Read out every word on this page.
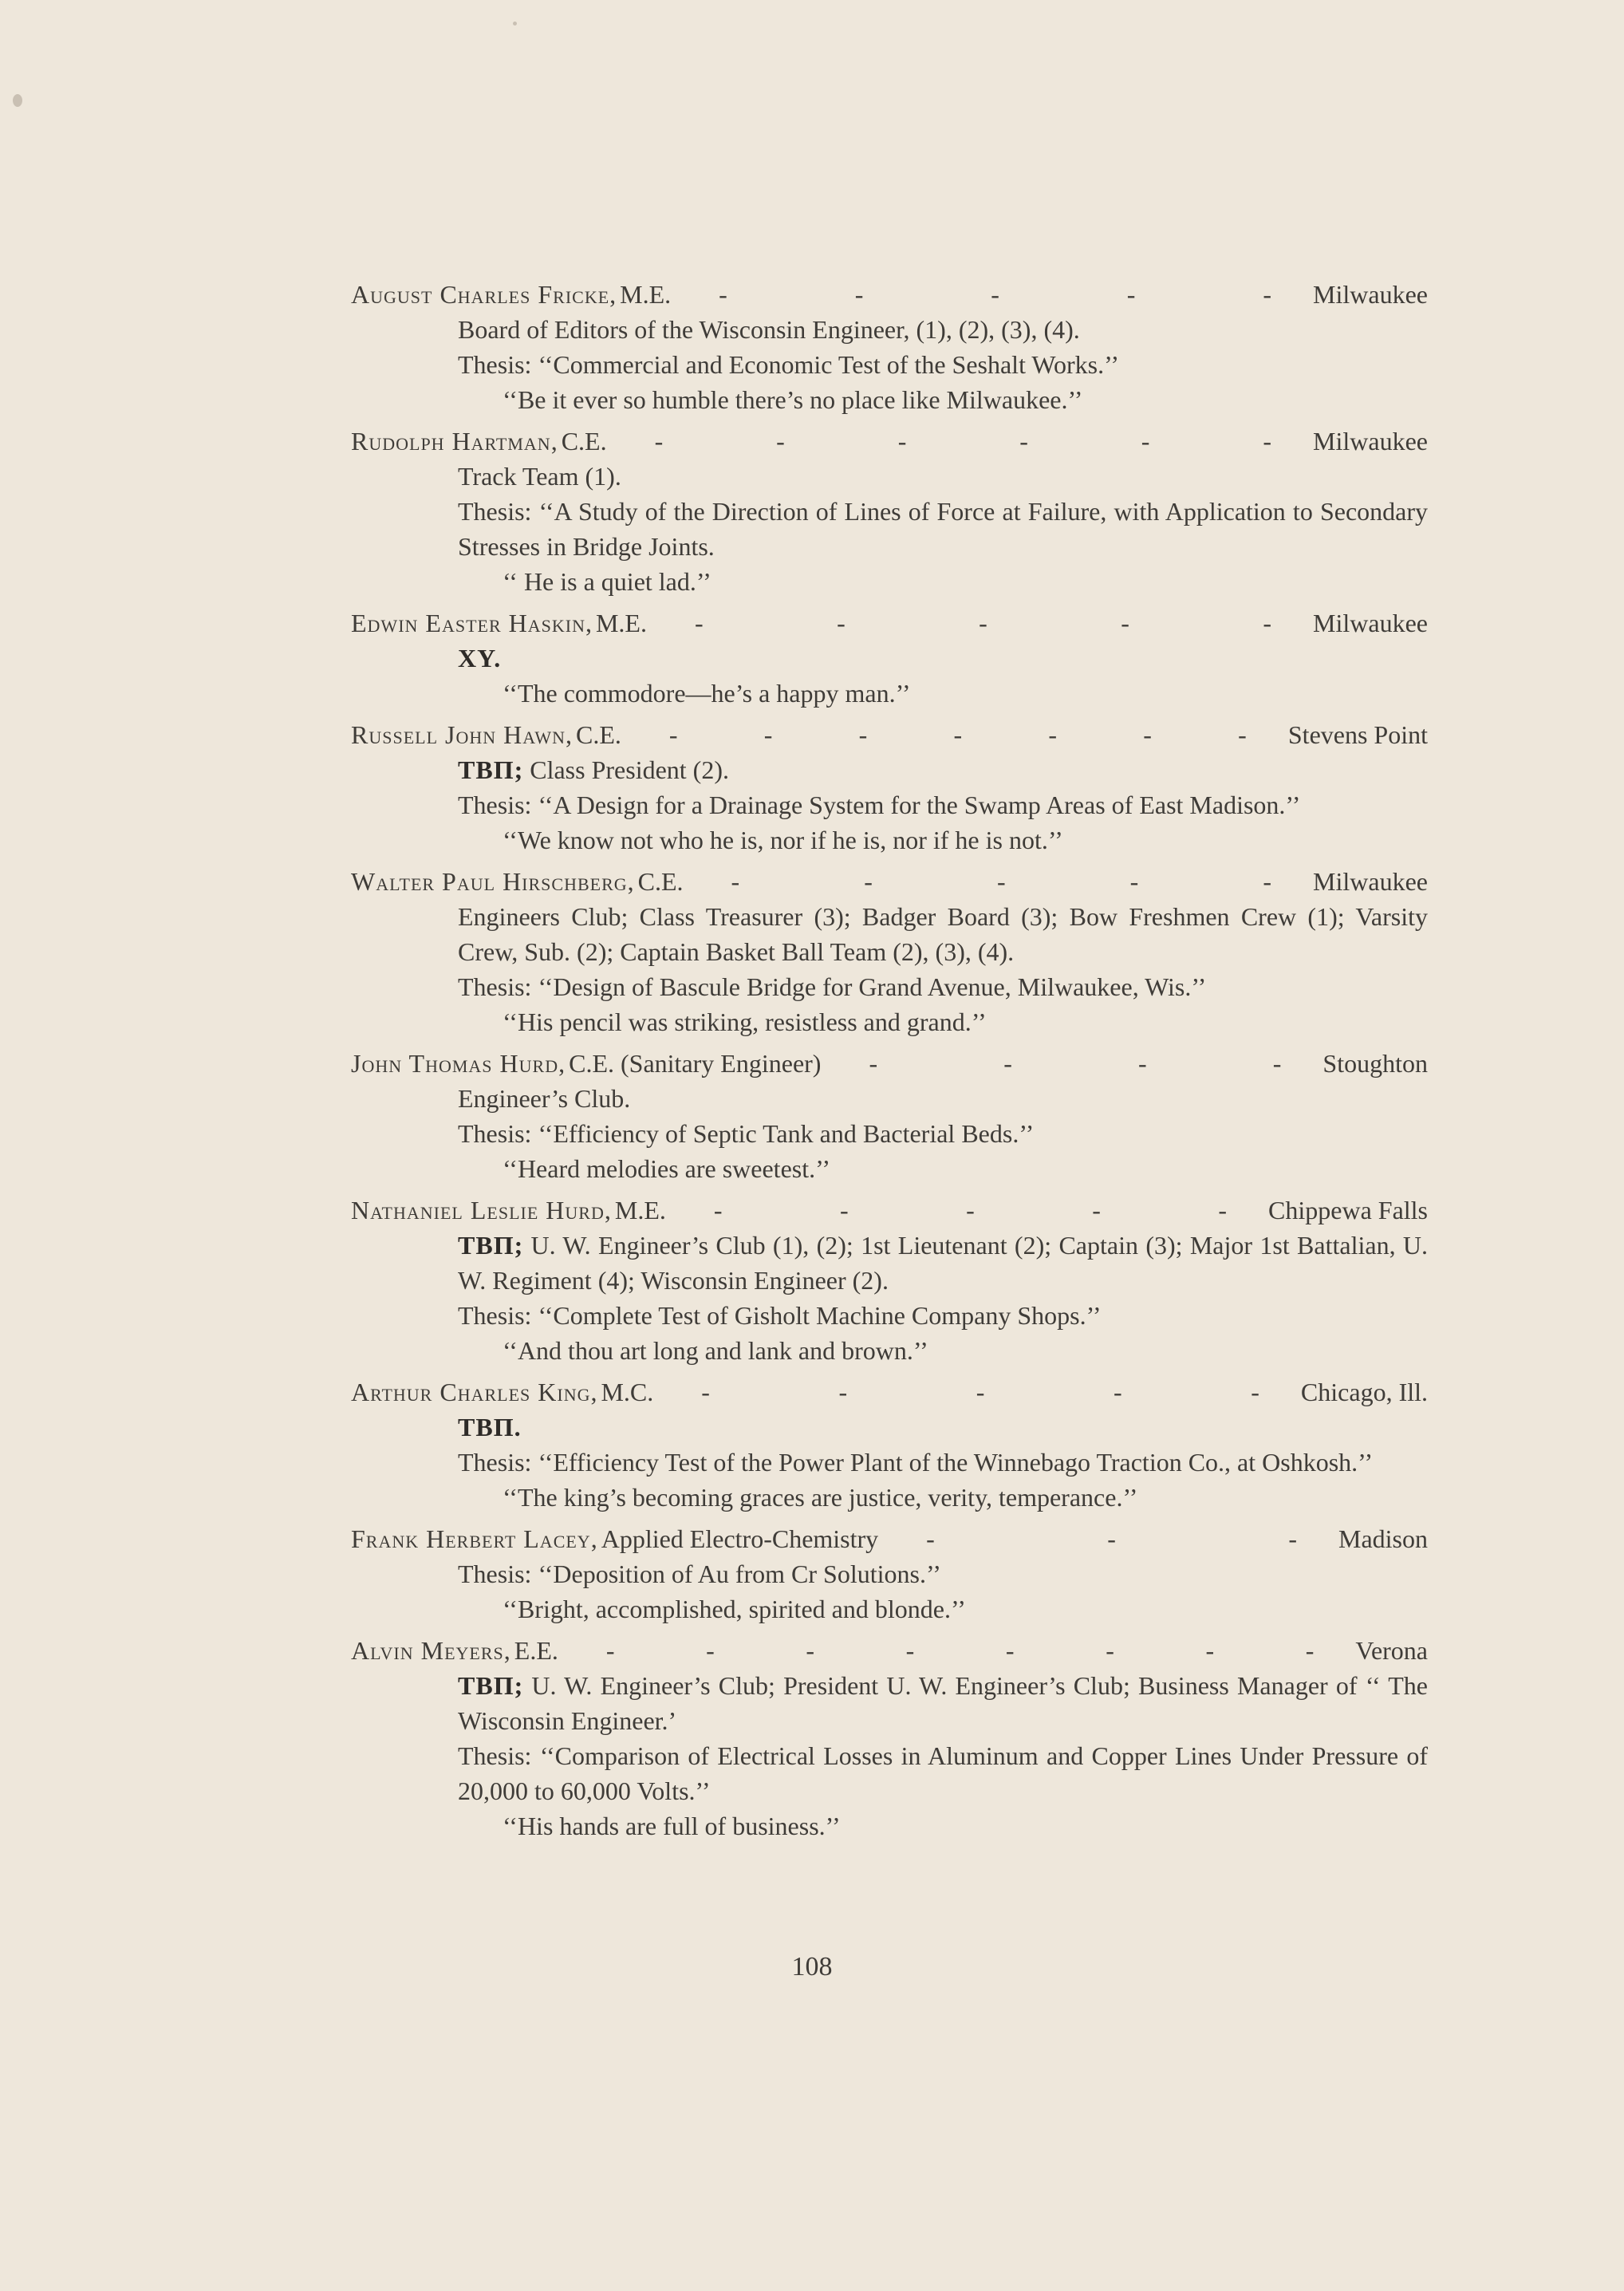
August Charles Fricke, M.E. -	-	-	-	- Milwaukee
Board of Editors of the Wisconsin Engineer, (1), (2), (3), (4).
Thesis: ‘‘Commercial and Economic Test of the Seshalt Works.’’
‘‘Be it ever so humble there’s no place like Milwaukee.’’
Rudolph Hartman, C.E. -	-	-	-	-	- Milwaukee
Track Team (1).
Thesis: ‘‘A Study of the Direction of Lines of Force at Failure, with Application to Secondary Stresses in Bridge Joints.
‘‘ He is a quiet lad.’’
Edwin Easter Haskin, M.E. -	-	-	-	- Milwaukee
XY.
‘‘The commodore—he’s a happy man.’’
Russell John Hawn, C.E. -	-	-	-	-	-	- Stevens Point
TBΠ; Class President (2).
Thesis: ‘‘A Design for a Drainage System for the Swamp Areas of East Madison.’’
‘‘We know not who he is, nor if he is, nor if he is not.’’
Walter Paul Hirschberg, C.E. -	-	-	-	- Milwaukee
Engineers Club; Class Treasurer (3); Badger Board (3); Bow Freshmen Crew (1); Varsity Crew, Sub. (2); Captain Basket Ball Team (2), (3), (4).
Thesis: ‘‘Design of Bascule Bridge for Grand Avenue, Milwaukee, Wis.’’
‘‘His pencil was striking, resistless and grand.’’
John Thomas Hurd, C.E. (Sanitary Engineer) -	-	-	- Stoughton
Engineer’s Club.
Thesis: ‘‘Efficiency of Septic Tank and Bacterial Beds.’’
‘‘Heard melodies are sweetest.’’
Nathaniel Leslie Hurd, M.E. -	-	-	-	- Chippewa Falls
TBΠ; U. W. Engineer’s Club (1), (2); 1st Lieutenant (2); Captain (3); Major 1st Battalian, U. W. Regiment (4); Wisconsin Engineer (2).
Thesis: ‘‘Complete Test of Gisholt Machine Company Shops.’’
‘‘And thou art long and lank and brown.’’
Arthur Charles King, M.C. -	-	-	-	- Chicago, Ill.
TBΠ.
Thesis: ‘‘Efficiency Test of the Power Plant of the Winnebago Traction Co., at Oshkosh.’’
‘‘The king’s becoming graces are justice, verity, temperance.’’
Frank Herbert Lacey, Applied Electro-Chemistry -	-	- Madison
Thesis: ‘‘Deposition of Au from Cr Solutions.’’
‘‘Bright, accomplished, spirited and blonde.’’
Alvin Meyers, E.E. -	-	-	-	-	-	-	- Verona
TBΠ; U. W. Engineer’s Club; President U. W. Engineer’s Club; Business Manager of ‘‘ The Wisconsin Engineer.’
Thesis: ‘‘Comparison of Electrical Losses in Aluminum and Copper Lines Under Pressure of 20,000 to 60,000 Volts.’’
‘‘His hands are full of business.’’
108
